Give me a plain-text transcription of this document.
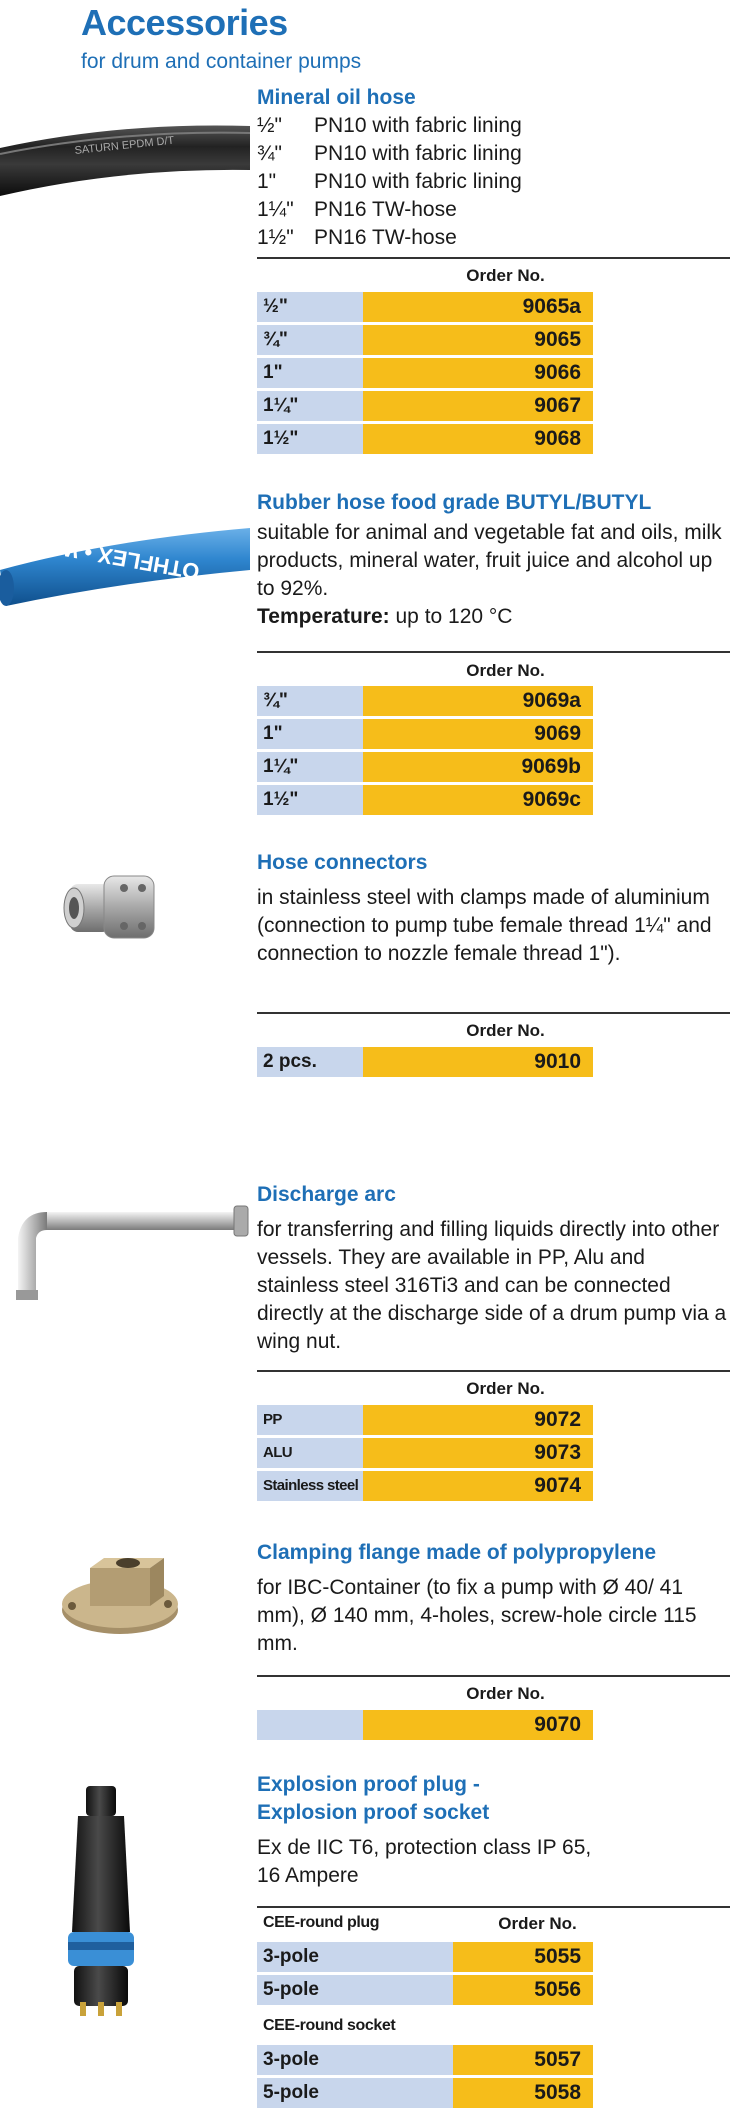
Accessories
for drum and container pumps
SATURN EPDM D/T
Mineral oil hose
½"	PN10 with fabric lining
¾"	PN10 with fabric lining
1"	PN10 with fabric lining
1¼" PN16 TW-hose
1½" PN16 TW-hose
Order No.
½"	9065a
¾"	9065
1"	9066
1¼"	9067
1½"	9068
OTHFLEX • WP 1
Rubber hose food grade BUTYL/BUTYL
suitable for animal and vegetable fat and oils, milk products, mineral water, fruit juice and alcohol up to 92%.
Temperature: up to 120 °C
Order No.
¾"	9069a
1"	9069
1¼"	9069b
1½"	9069c
Hose connectors
in stainless steel with clamps made of aluminium (connection to pump tube female thread 1¼" and connection to nozzle female thread 1").
Order No.
2 pcs.	9010
Discharge arc
for transferring and filling liquids directly into other vessels. They are available in PP, Alu and stainless steel 316Ti3 and can be connected directly at the discharge side of a drum pump via a wing nut.
Order No.
PP	9072
ALU	9073
Stainless steel	9074
Clamping flange made of polypropylene
for IBC-Container (to fix a pump with Ø 40/ 41 mm), Ø 140 mm, 4-holes, screw-hole circle 115 mm.
Order No.
9070
Explosion proof plug -
Explosion proof socket
Ex de IIC T6, protection class IP 65,
16 Ampere
CEE-round plug	Order No.
3-pole	5055
5-pole	5056
CEE-round socket
3-pole	5057
5-pole	5058
